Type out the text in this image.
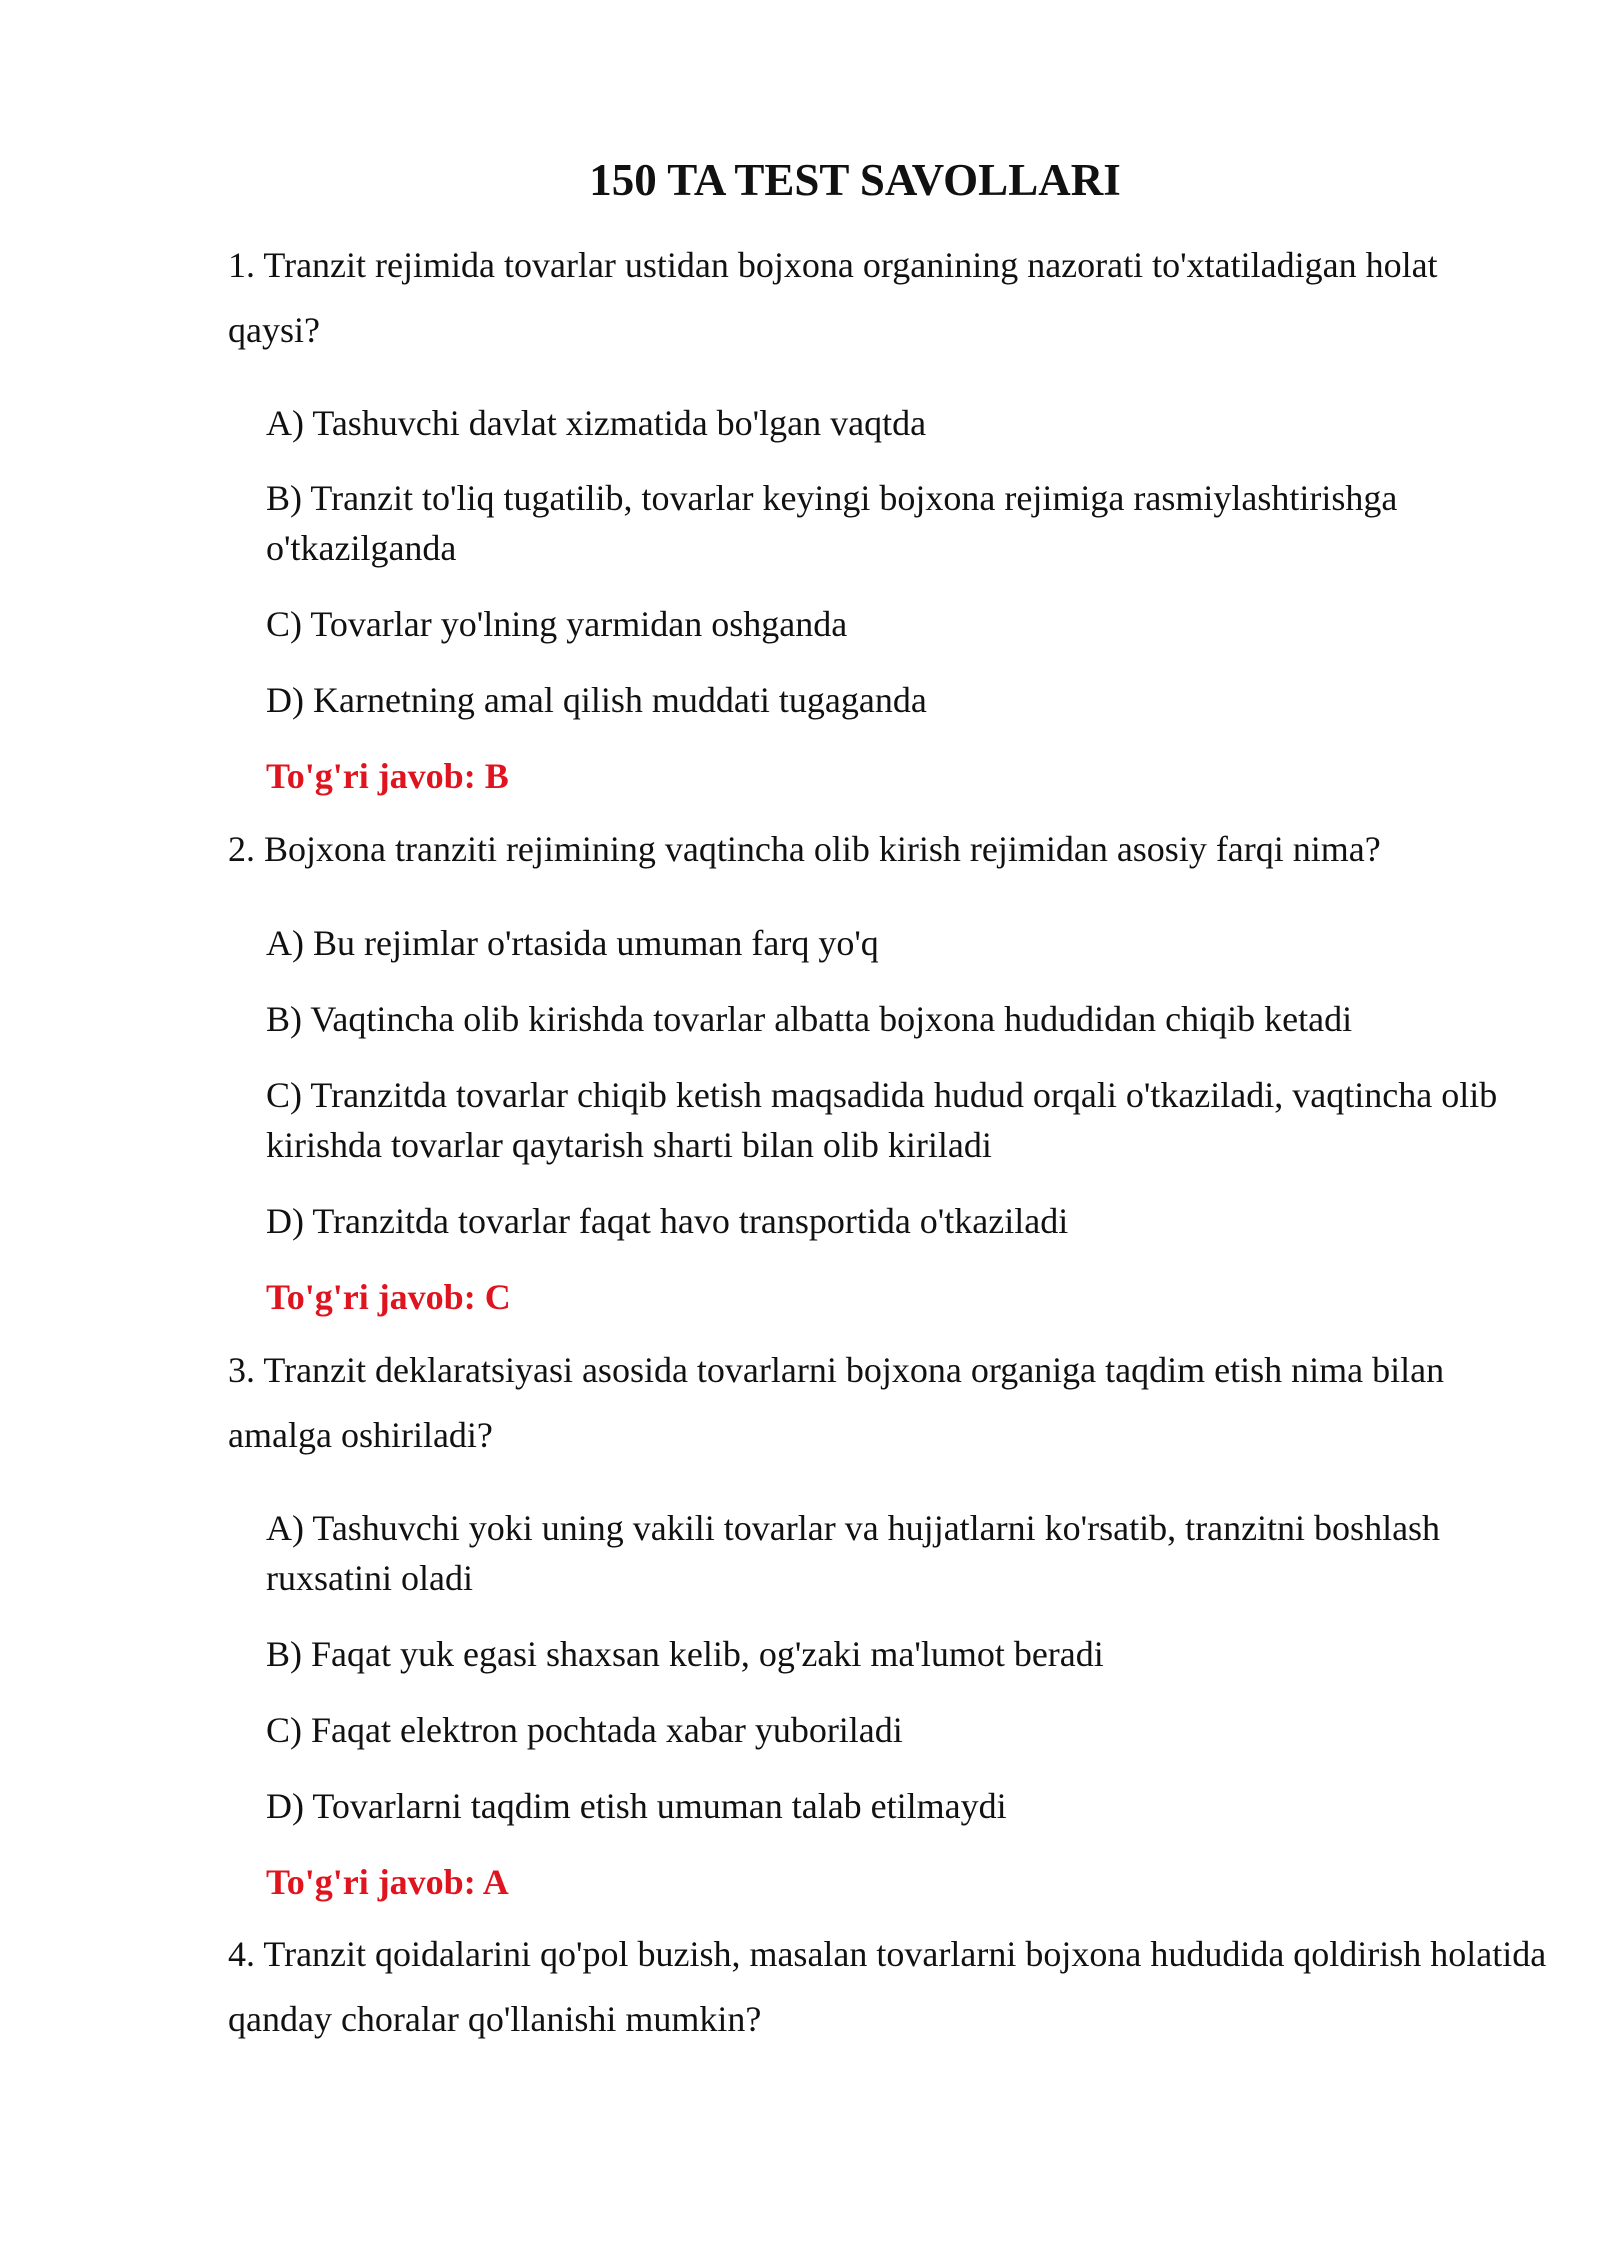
150 TA TEST SAVOLLARI
1. Tranzit rejimida tovarlar ustidan bojxona organining nazorati to'xtatiladigan holat qaysi?
A) Tashuvchi davlat xizmatida bo'lgan vaqtda
B) Tranzit to'liq tugatilib, tovarlar keyingi bojxona rejimiga rasmiylashtirishga o'tkazilganda
C) Tovarlar yo'lning yarmidan oshganda
D) Karnetning amal qilish muddati tugaganda
To'g'ri javob: B
2. Bojxona tranziti rejimining vaqtincha olib kirish rejimidan asosiy farqi nima?
A) Bu rejimlar o'rtasida umuman farq yo'q
B) Vaqtincha olib kirishda tovarlar albatta bojxona hududidan chiqib ketadi
C) Tranzitda tovarlar chiqib ketish maqsadida hudud orqali o'tkaziladi, vaqtincha olib kirishda tovarlar qaytarish sharti bilan olib kiriladi
D) Tranzitda tovarlar faqat havo transportida o'tkaziladi
To'g'ri javob: C
3. Tranzit deklaratsiyasi asosida tovarlarni bojxona organiga taqdim etish nima bilan amalga oshiriladi?
A) Tashuvchi yoki uning vakili tovarlar va hujjatlarni ko'rsatib, tranzitni boshlash ruxsatini oladi
B) Faqat yuk egasi shaxsan kelib, og'zaki ma'lumot beradi
C) Faqat elektron pochtada xabar yuboriladi
D) Tovarlarni taqdim etish umuman talab etilmaydi
To'g'ri javob: A
4. Tranzit qoidalarini qo'pol buzish, masalan tovarlarni bojxona hududida qoldirish holatida qanday choralar qo'llanishi mumkin?
